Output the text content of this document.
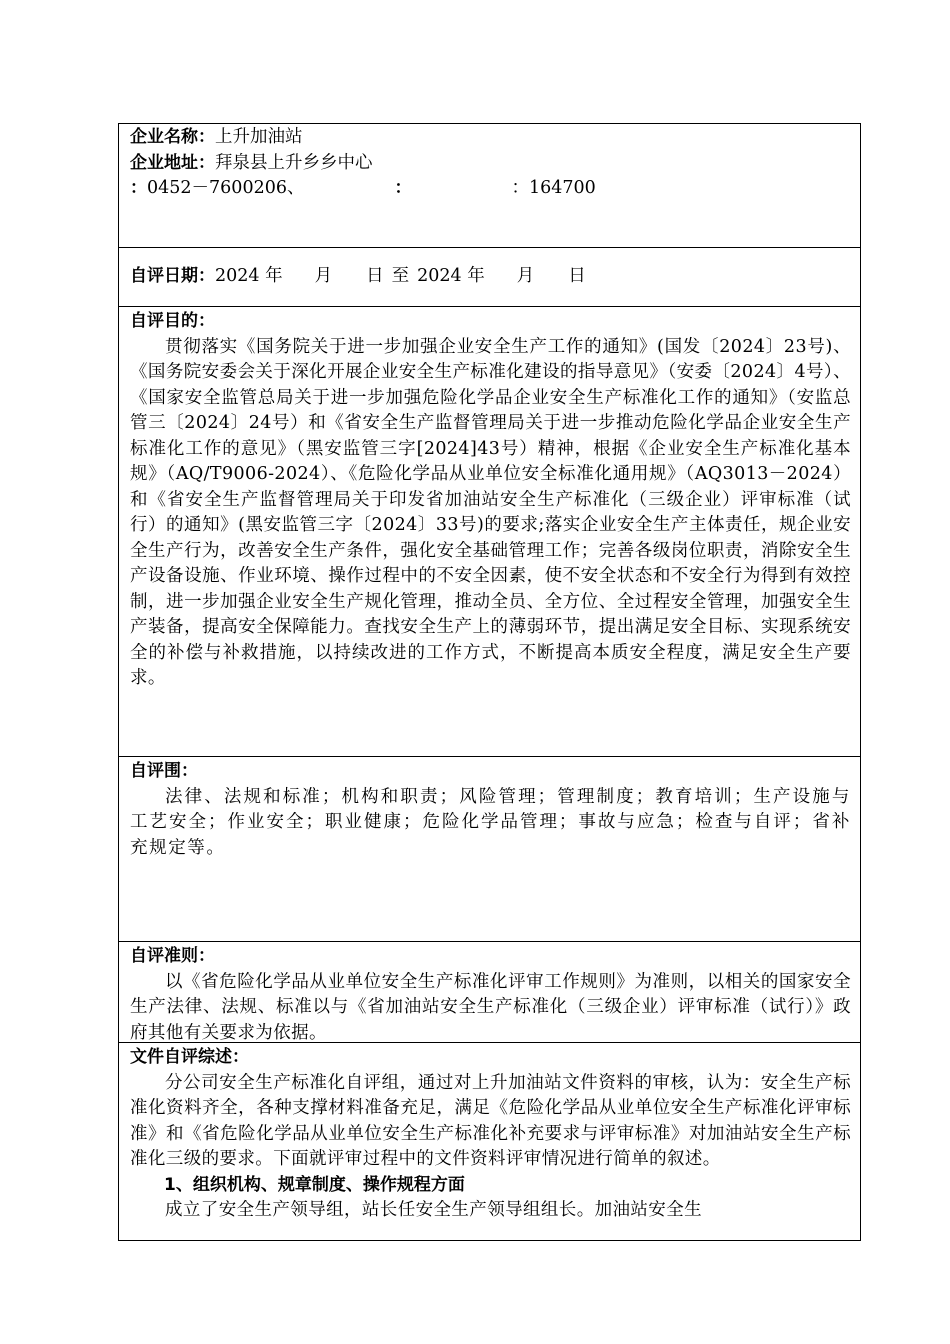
企业名称：上升加油站
企业地址：拜泉县上升乡乡中心
：0452－7600206、	：	：164700
自评日期：2024 年 月 日 至 2024 年 月 日
自评目的：

贯彻落实《国务院关于进一步加强企业安全生产工作的通知》(国发〔2024〕23号)、《国务院安委会关于深化开展企业安全生产标准化建设的指导意见》（安委〔2024〕4号）、《国家安全监管总局关于进一步加强危险化学品企业安全生产标准化工作的通知》（安监总管三〔2024〕24号）和《省安全生产监督管理局关于进一步推动危险化学品企业安全生产标准化工作的意见》（黑安监管三字[2024]43号）精神，根据《企业安全生产标准化基本规》（AQ/T9006-2024）、《危险化学品从业单位安全标准化通用规》（AQ3013－2024）和《省安全生产监督管理局关于印发省加油站安全生产标准化（三级企业）评审标准（试行）的通知》(黑安监管三字〔2024〕33号)的要求;落实企业安全生产主体责任，规企业安全生产行为，改善安全生产条件，强化安全基础管理工作；完善各级岗位职责，消除安全生产设备设施、作业环境、操作过程中的不安全因素，使不安全状态和不安全行为得到有效控制，进一步加强企业安全生产规化管理，推动全员、全方位、全过程安全管理，加强安全生产装备，提高安全保障能力。查找安全生产上的薄弱环节，提出满足安全目标、实现系统安全的补偿与补救措施，以持续改进的工作方式，不断提高本质安全程度，满足安全生产要求。

自评围：

法律、法规和标准；机构和职责；风险管理；管理制度；教育培训；生产设施与工艺安全；作业安全；职业健康；危险化学品管理；事故与应急；检查与自评；省补充规定等。

自评准则：

以《省危险化学品从业单位安全生产标准化评审工作规则》为准则，以相关的国家安全生产法律、法规、标准以与《省加油站安全生产标准化（三级企业）评审标准（试行）》政府其他有关要求为依据。

文件自评综述：

分公司安全生产标准化自评组，通过对上升加油站文件资料的审核，认为：安全生产标准化资料齐全，各种支撑材料准备充足，满足《危险化学品从业单位安全生产标准化评审标准》和《省危险化学品从业单位安全生产标准化补充要求与评审标准》对加油站安全生产标准化三级的要求。下面就评审过程中的文件资料评审情况进行简单的叙述。

1、组织机构、规章制度、操作规程方面

成立了安全生产领导组，站长任安全生产领导组组长。加油站安全生
